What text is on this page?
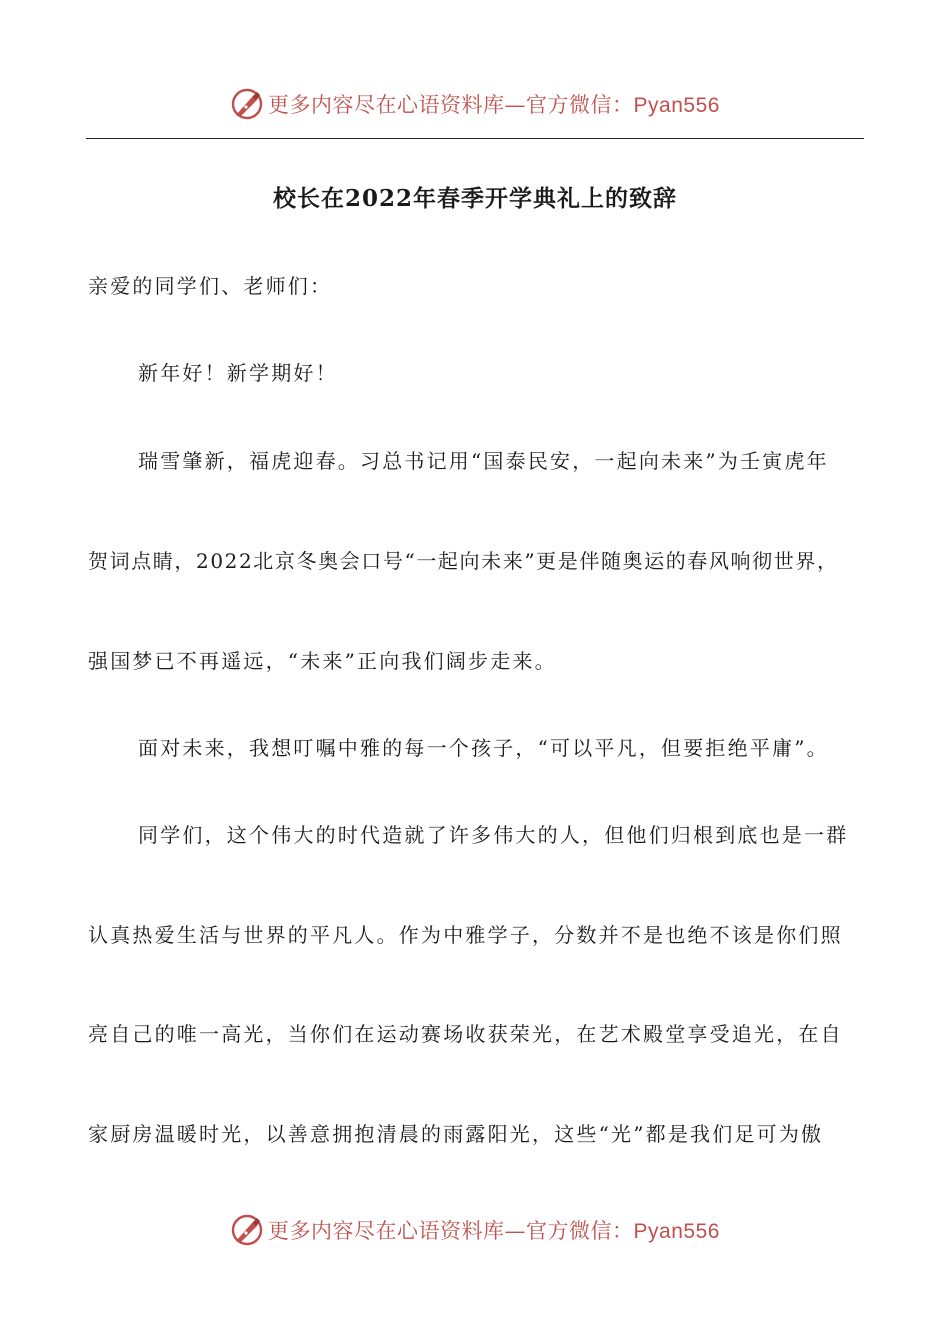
更多内容尽在心语资料库—官方微信：Pyan556
校长在2022年春季开学典礼上的致辞
亲爱的同学们、老师们：
新年好！新学期好！
瑞雪肇新，福虎迎春。习总书记用“国泰民安，一起向未来”为壬寅虎年
贺词点睛，2022北京冬奥会口号“一起向未来”更是伴随奥运的春风响彻世界，
强国梦已不再遥远，“未来”正向我们阔步走来。
面对未来，我想叮嘱中雅的每一个孩子，“可以平凡，但要拒绝平庸”。
同学们，这个伟大的时代造就了许多伟大的人，但他们归根到底也是一群
认真热爱生活与世界的平凡人。作为中雅学子，分数并不是也绝不该是你们照
亮自己的唯一高光，当你们在运动赛场收获荣光，在艺术殿堂享受追光，在自
家厨房温暖时光，以善意拥抱清晨的雨露阳光，这些“光”都是我们足可为傲
更多内容尽在心语资料库—官方微信：Pyan556
